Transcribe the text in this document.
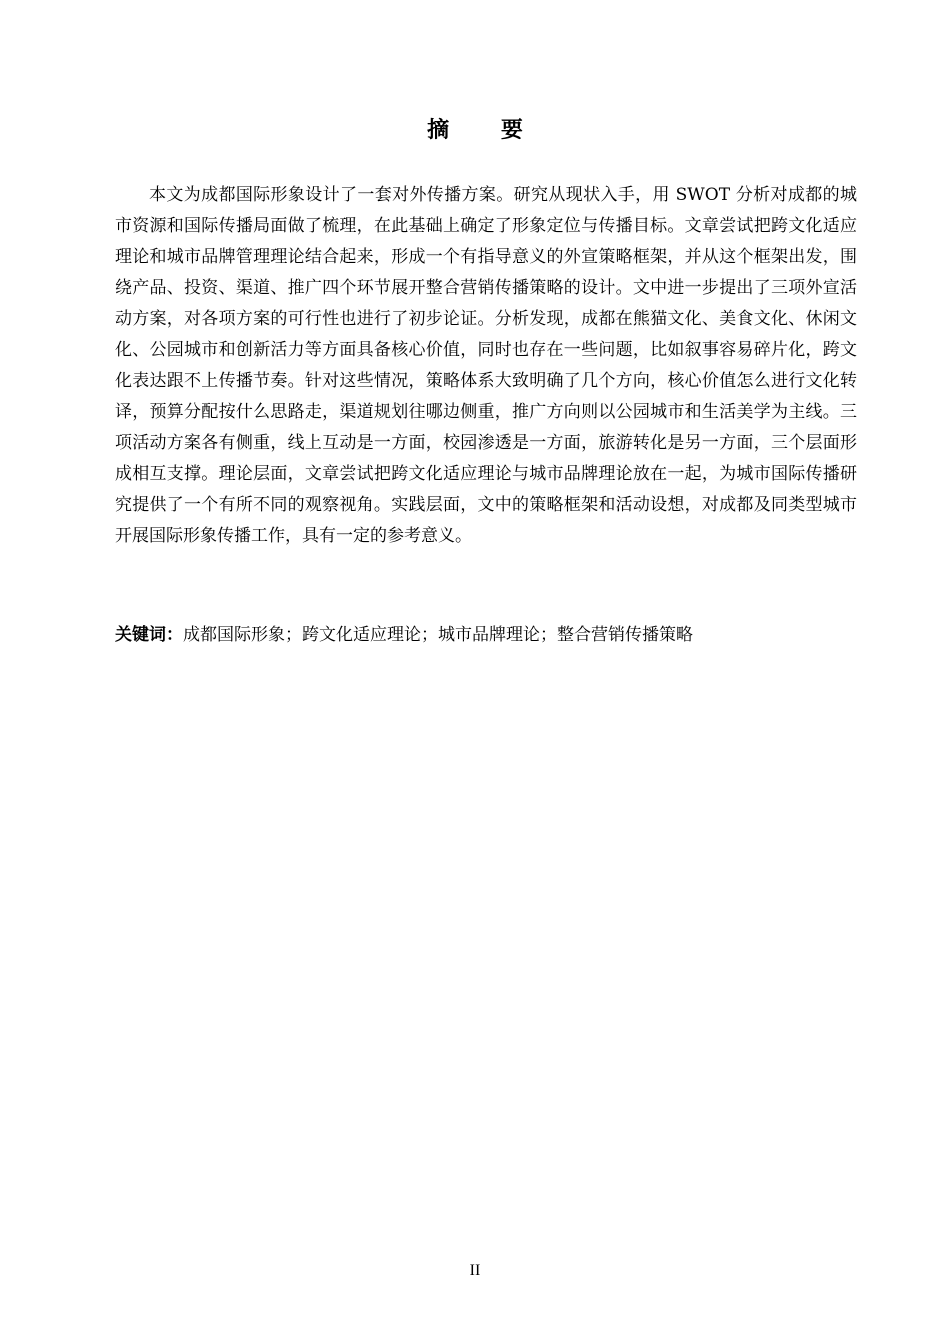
摘 要

本文为成都国际形象设计了一套对外传播方案。研究从现状入手，用 SWOT 分析对成都的城市资源和国际传播局面做了梳理，在此基础上确定了形象定位与传播目标。文章尝试把跨文化适应理论和城市品牌管理理论结合起来，形成一个有指导意义的外宣策略框架，并从这个框架出发，围绕产品、投资、渠道、推广四个环节展开整合营销传播策略的设计。文中进一步提出了三项外宣活动方案，对各项方案的可行性也进行了初步论证。分析发现，成都在熊猫文化、美食文化、休闲文化、公园城市和创新活力等方面具备核心价值，同时也存在一些问题，比如叙事容易碎片化，跨文化表达跟不上传播节奏。针对这些情况，策略体系大致明确了几个方向，核心价值怎么进行文化转译，预算分配按什么思路走，渠道规划往哪边侧重，推广方向则以公园城市和生活美学为主线。三项活动方案各有侧重，线上互动是一方面，校园渗透是一方面，旅游转化是另一方面，三个层面形成相互支撑。理论层面，文章尝试把跨文化适应理论与城市品牌理论放在一起，为城市国际传播研究提供了一个有所不同的观察视角。实践层面，文中的策略框架和活动设想，对成都及同类型城市开展国际形象传播工作，具有一定的参考意义。

关键词：成都国际形象；跨文化适应理论；城市品牌理论；整合营销传播策略

II
